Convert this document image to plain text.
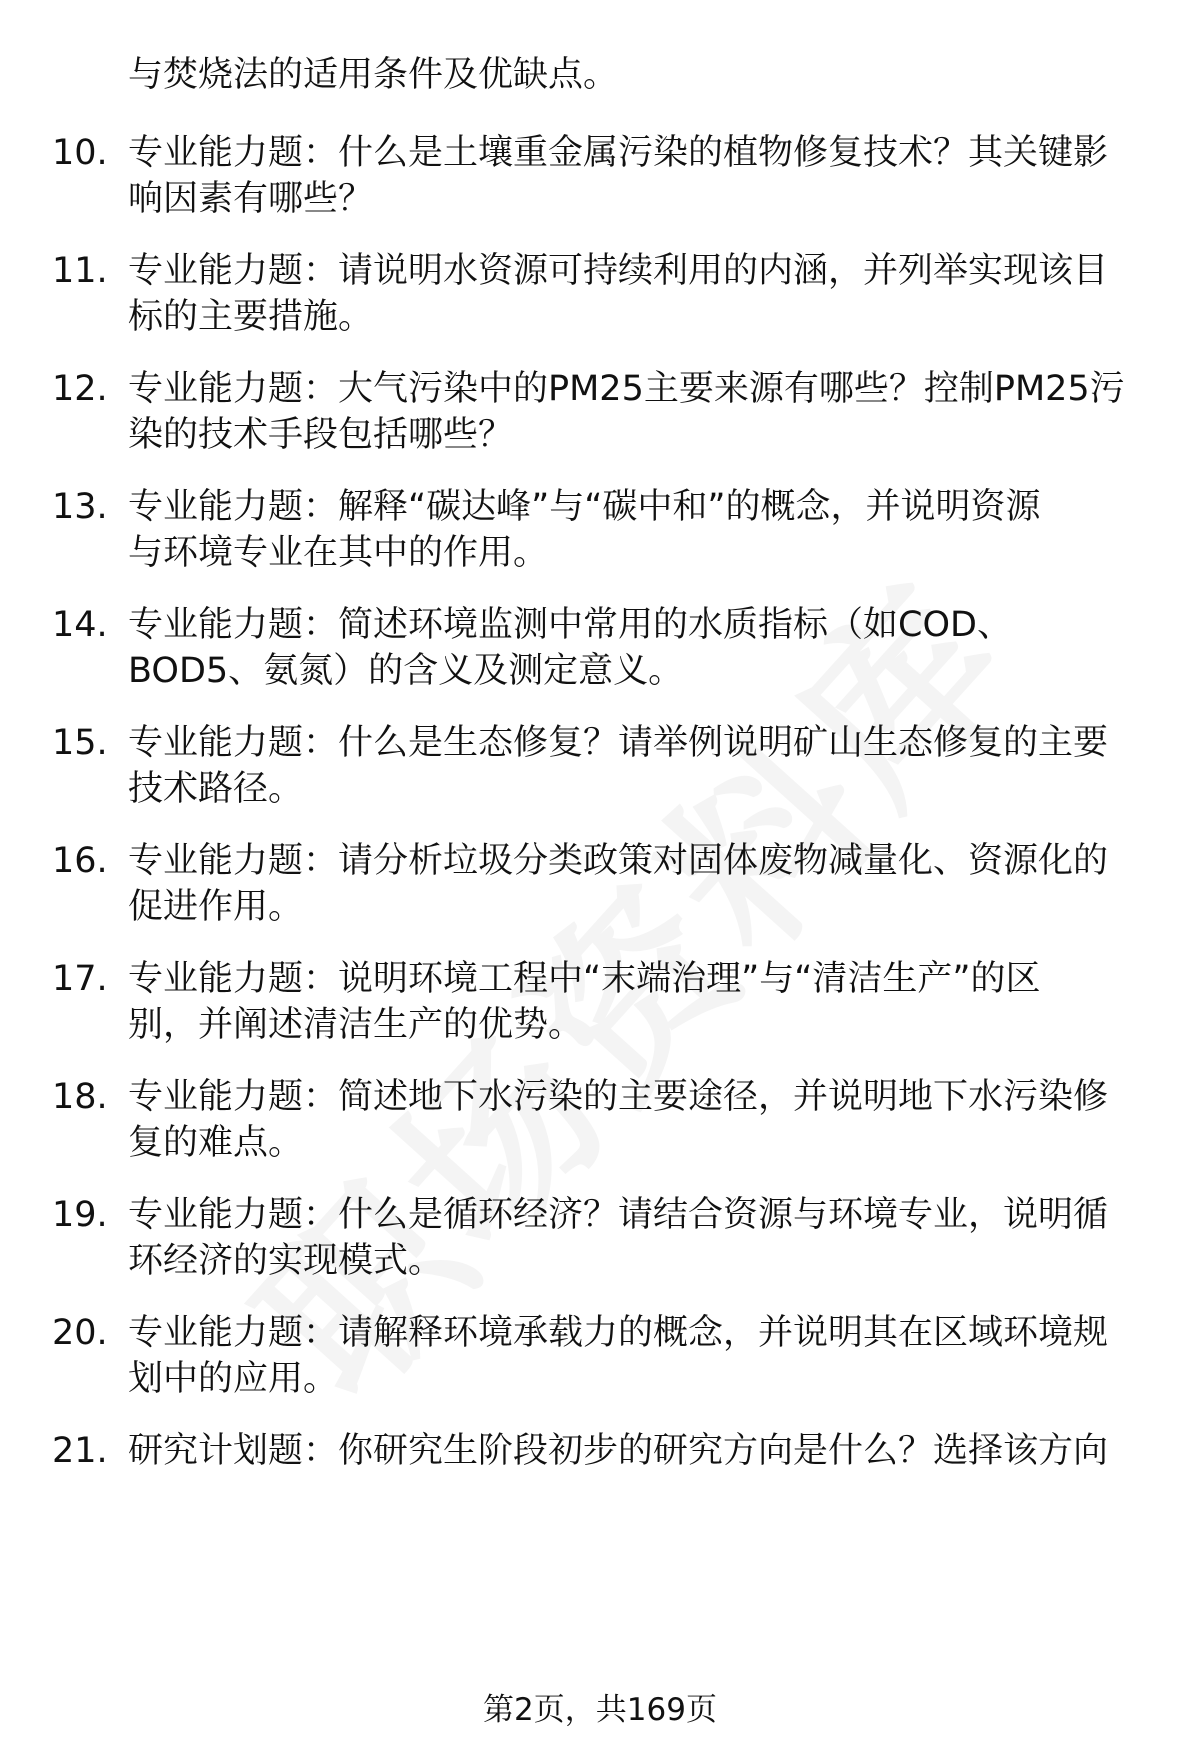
与焚烧法的适用条件及优缺点。
10. 专业能力题：什么是土壤重金属污染的植物修复技术？其关键影
响因素有哪些？
11. 专业能力题：请说明水资源可持续利用的内涵，并列举实现该目
标的主要措施。
12. 专业能力题：大气污染中的PM25主要来源有哪些？控制PM25污
染的技术手段包括哪些？
13. 专业能力题：解释“碳达峰”与“碳中和”的概念，并说明资源
与环境专业在其中的作用。
14. 专业能力题：简述环境监测中常用的水质指标（如COD、
BOD5、氨氮）的含义及测定意义。
15. 专业能力题：什么是生态修复？请举例说明矿山生态修复的主要
技术路径。
16. 专业能力题：请分析垃圾分类政策对固体废物减量化、资源化的
促进作用。
17. 专业能力题：说明环境工程中“末端治理”与“清洁生产”的区
别，并阐述清洁生产的优势。
18. 专业能力题：简述地下水污染的主要途径，并说明地下水污染修
复的难点。
19. 专业能力题：什么是循环经济？请结合资源与环境专业，说明循
环经济的实现模式。
20. 专业能力题：请解释环境承载力的概念，并说明其在区域环境规
划中的应用。
21. 研究计划题：你研究生阶段初步的研究方向是什么？选择该方向
第2页，共169页
